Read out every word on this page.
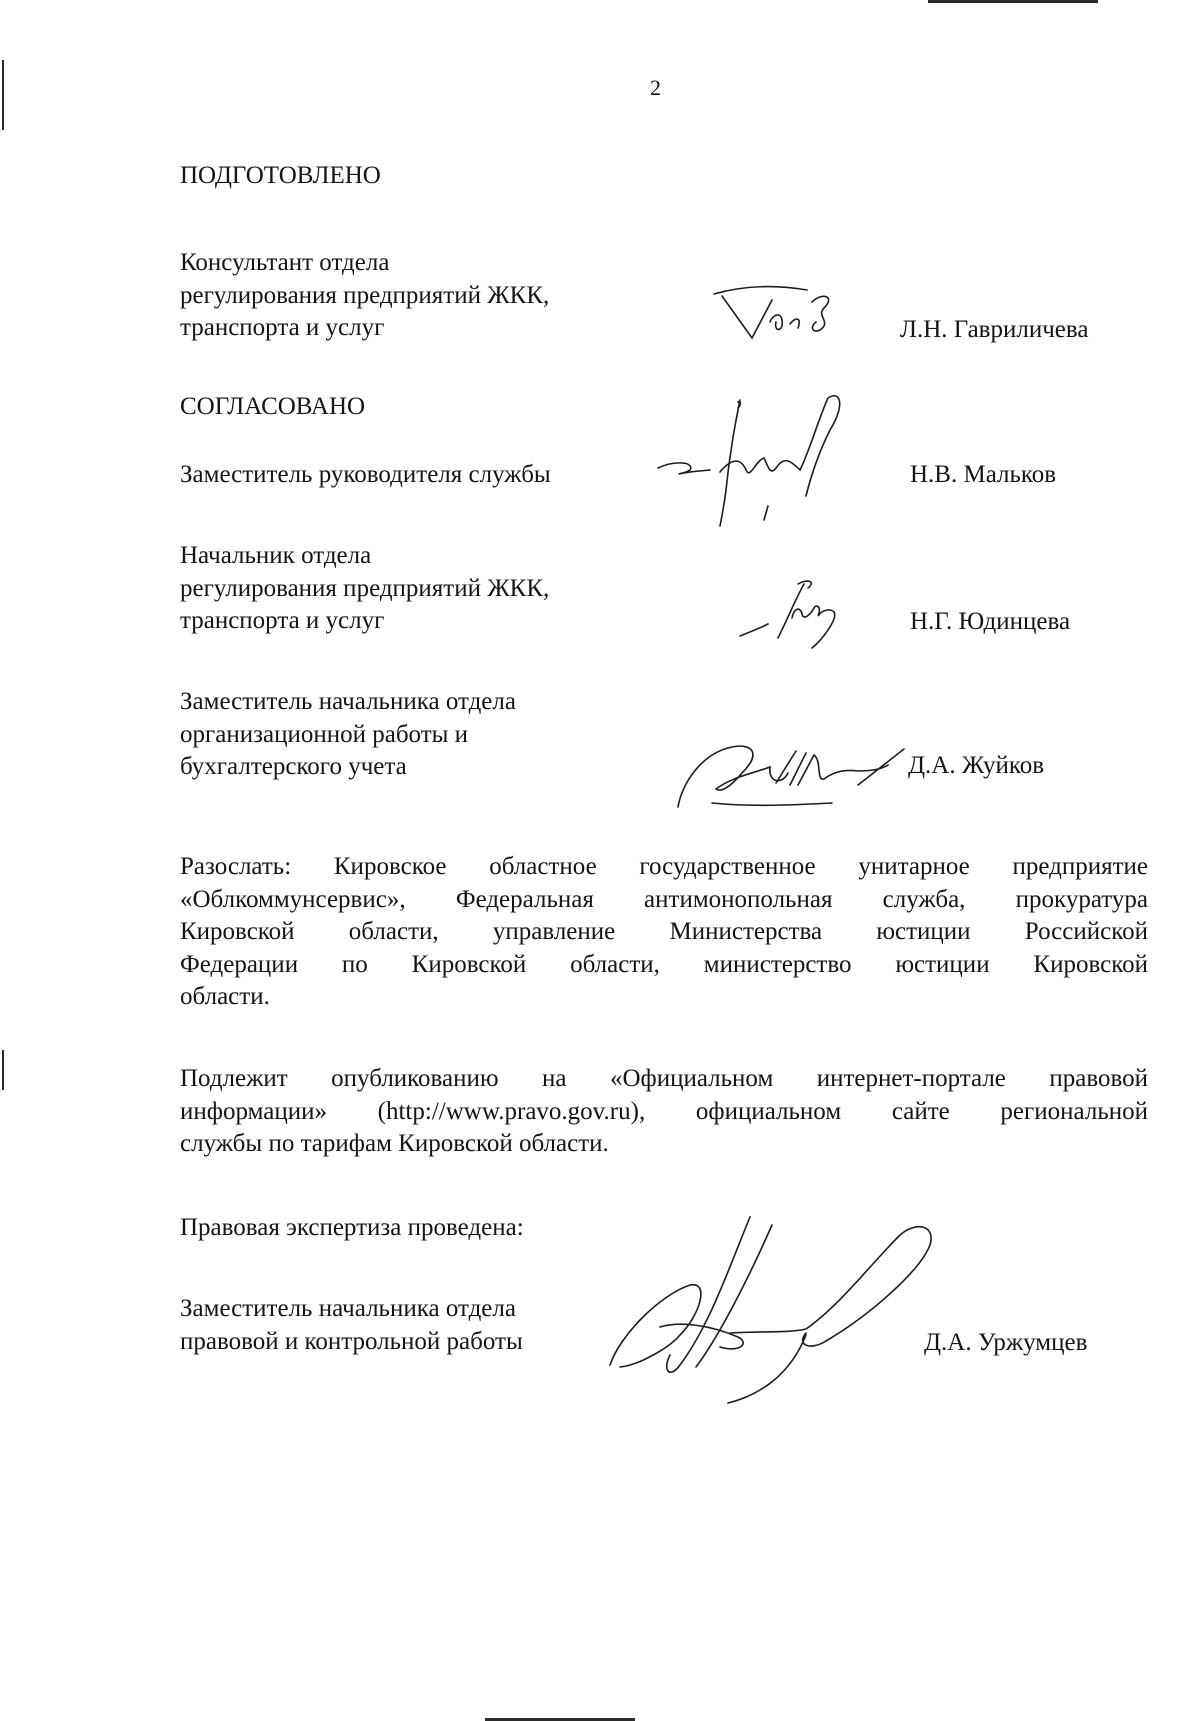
2
ПОДГОТОВЛЕНО
Консультант отдела
регулирования предприятий ЖКК,
транспорта и услуг	Л.Н. Гавриличева
СОГЛАСОВАНО
Заместитель руководителя службы	Н.В. Мальков
Начальник отдела
регулирования предприятий ЖКК,
транспорта и услуг	Н.Г. Юдинцева
Заместитель начальника отдела
организационной работы и
бухгалтерского учета	Д.А. Жуйков
Разослать: Кировское областное государственное унитарное предприятие
«Облкоммунсервис», Федеральная антимонопольная служба, прокуратура
Кировской области, управление Министерства юстиции Российской
Федерации по Кировской области, министерство юстиции Кировской
области.
Подлежит опубликованию на «Официальном интернет-портале правовой
информации» (http://www.pravo.gov.ru), официальном сайте региональной
службы по тарифам Кировской области.
Правовая экспертиза проведена:
Заместитель начальника отдела
правовой и контрольной работы	Д.А. Уржумцев
